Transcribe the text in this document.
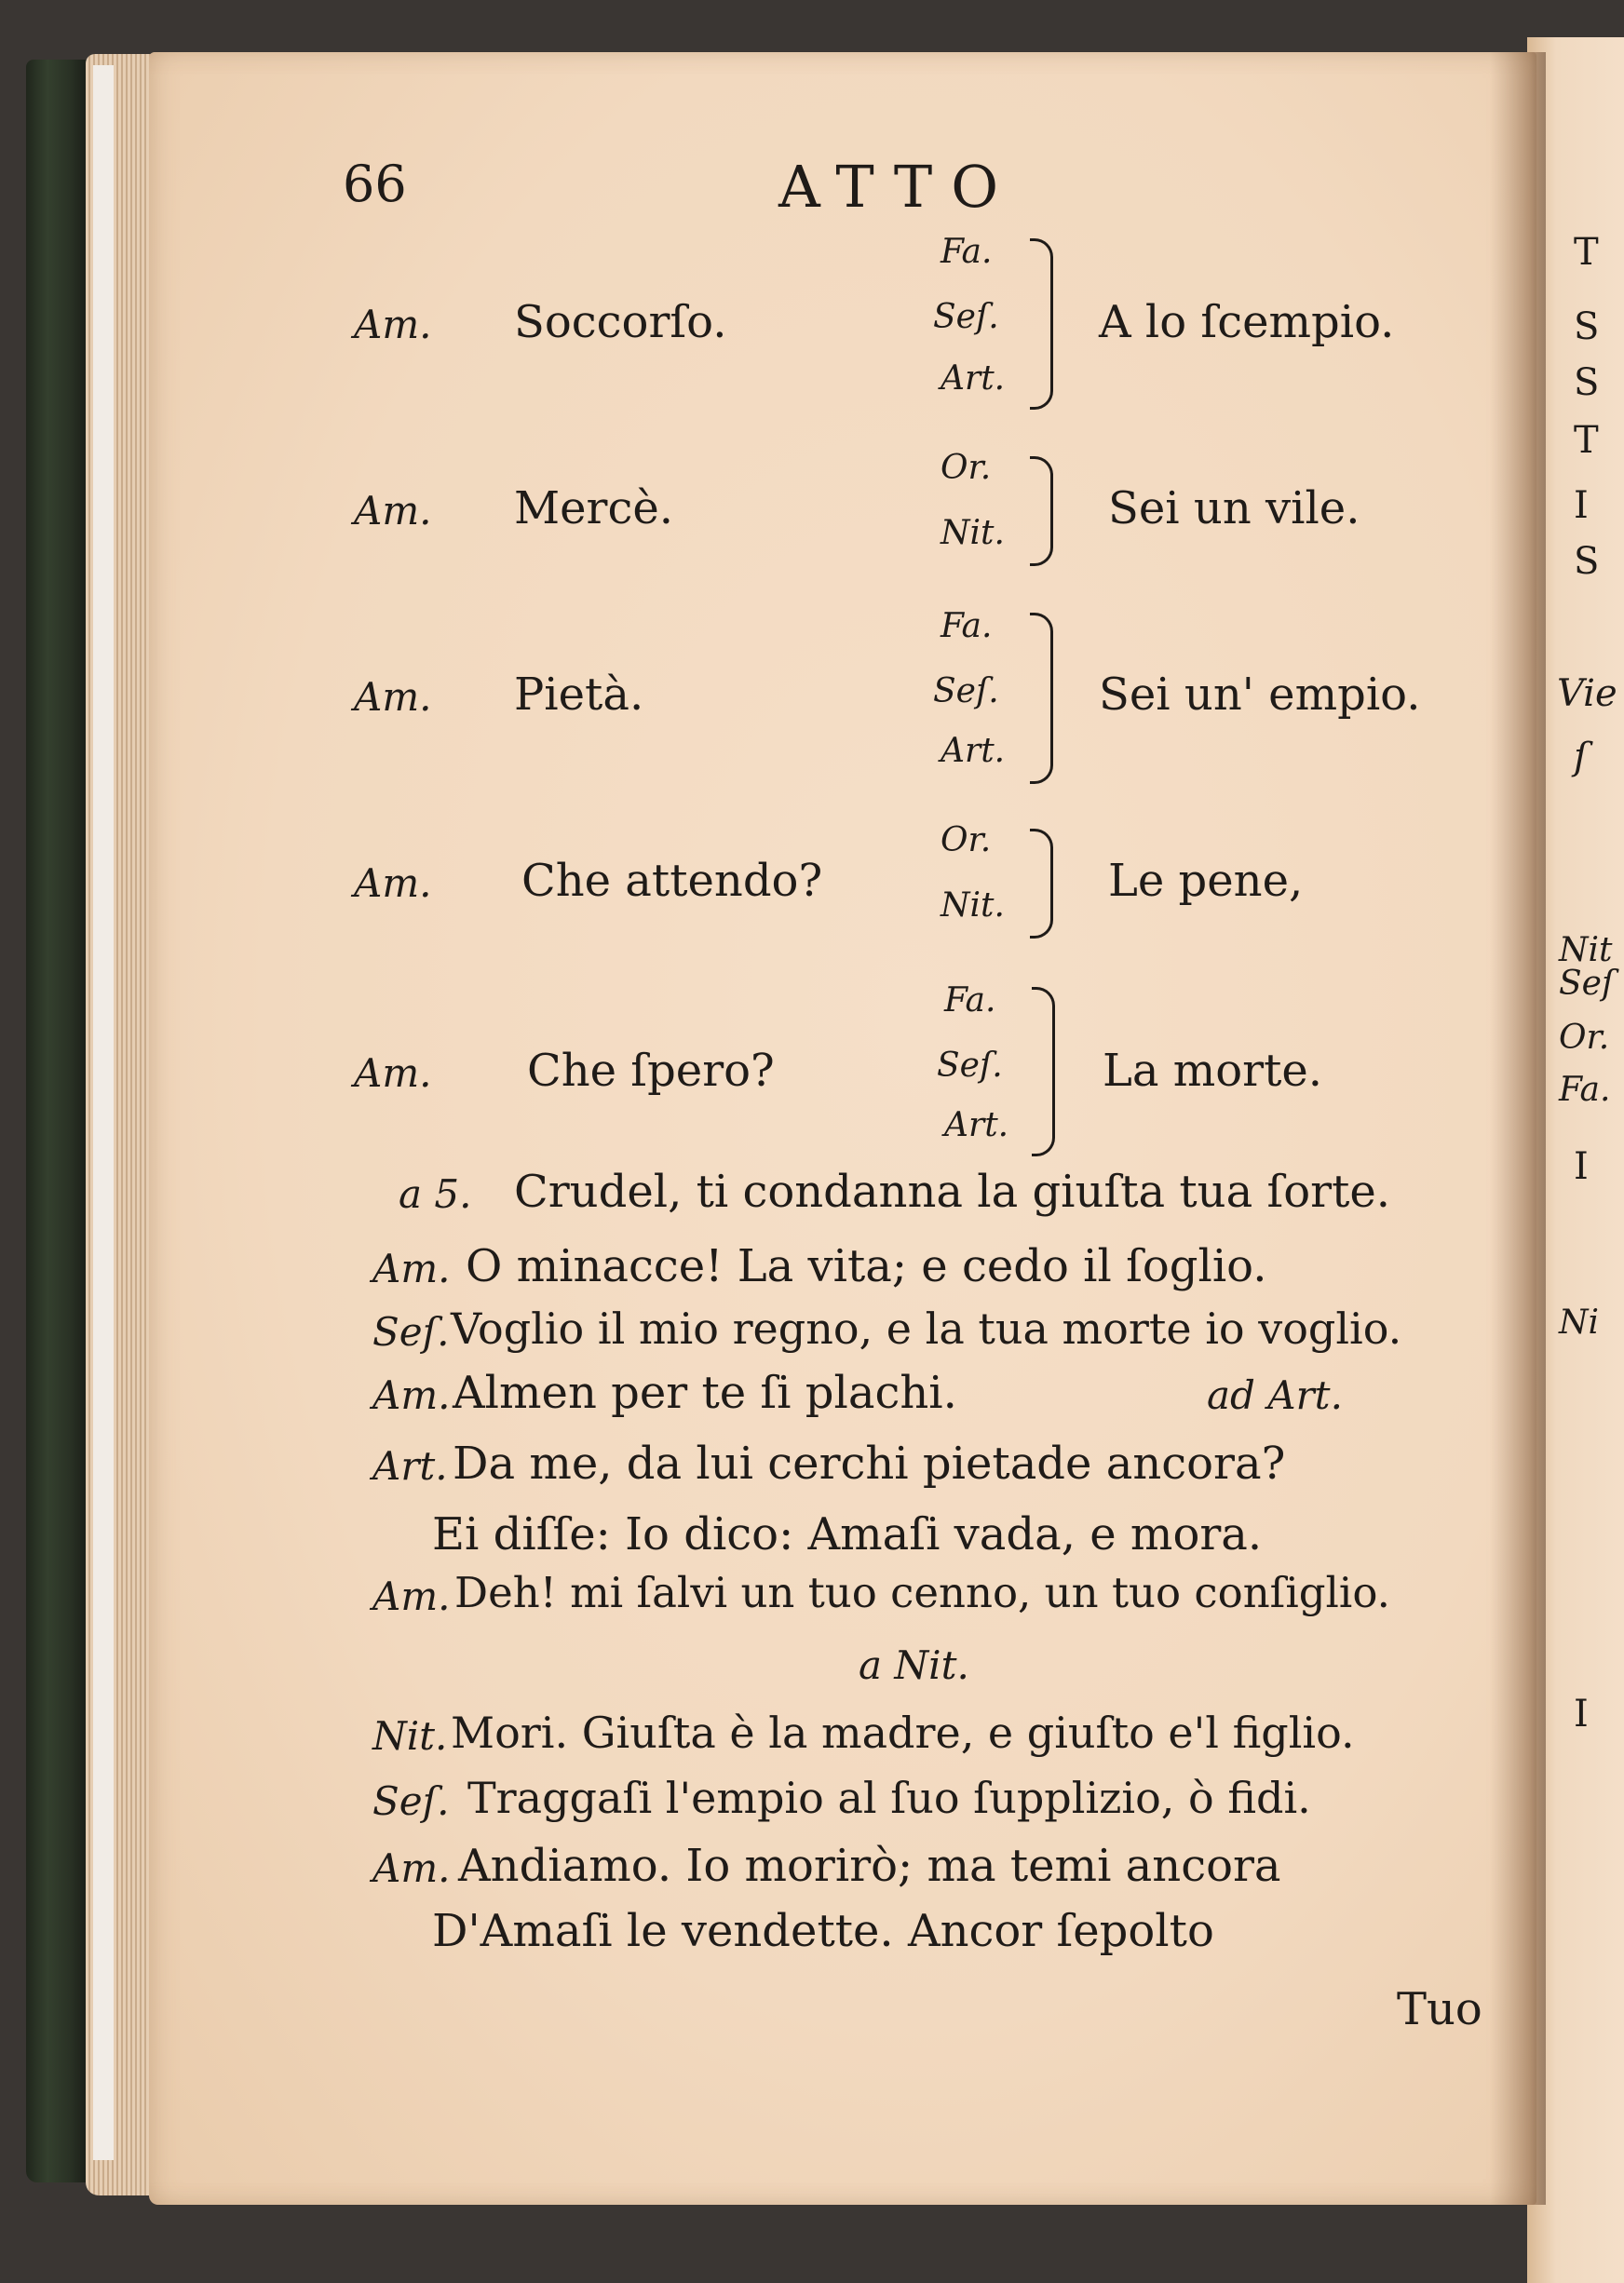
T
S
S
T
I
S
Vie
ſ
Nit
Seſ
Or.
Fa.
I
Ni
I
66	ATTO
Am. Soccorſo.
Fa.
Seſ.
Art.
A lo ſcempio.
Am. Mercè.
Or.
Nit. Sei un vile.
Am. Pietà.
Fa.
Seſ.
Art.
Sei un' empio.
Am. Che attendo?
Or.
Nit. Le pene,
Am. Che ſpero?
Fa.
Seſ.
Art.
La morte.
a 5. Crudel, ti condanna la giuſta tua ſorte.
Am. O minacce! La vita; e cedo il ſoglio.
Seſ. Voglio il mio regno, e la tua morte io voglio.
Am. Almen per te ſi plachi.	ad Art.
Art. Da me, da lui cerchi pietade ancora?
Ei diſſe: Io dico: Amaſi vada, e mora.
Am. Deh! mi ſalvi un tuo cenno, un tuo conſiglio.
a Nit.
Nit. Mori. Giuſta è la madre, e giuſto e'l figlio.
Seſ. Traggaſi l'empio al ſuo ſupplizio, ò fidi.
Am. Andiamo. Io morirò; ma temi ancora
D'Amaſi le vendette. Ancor ſepolto
Tuo
